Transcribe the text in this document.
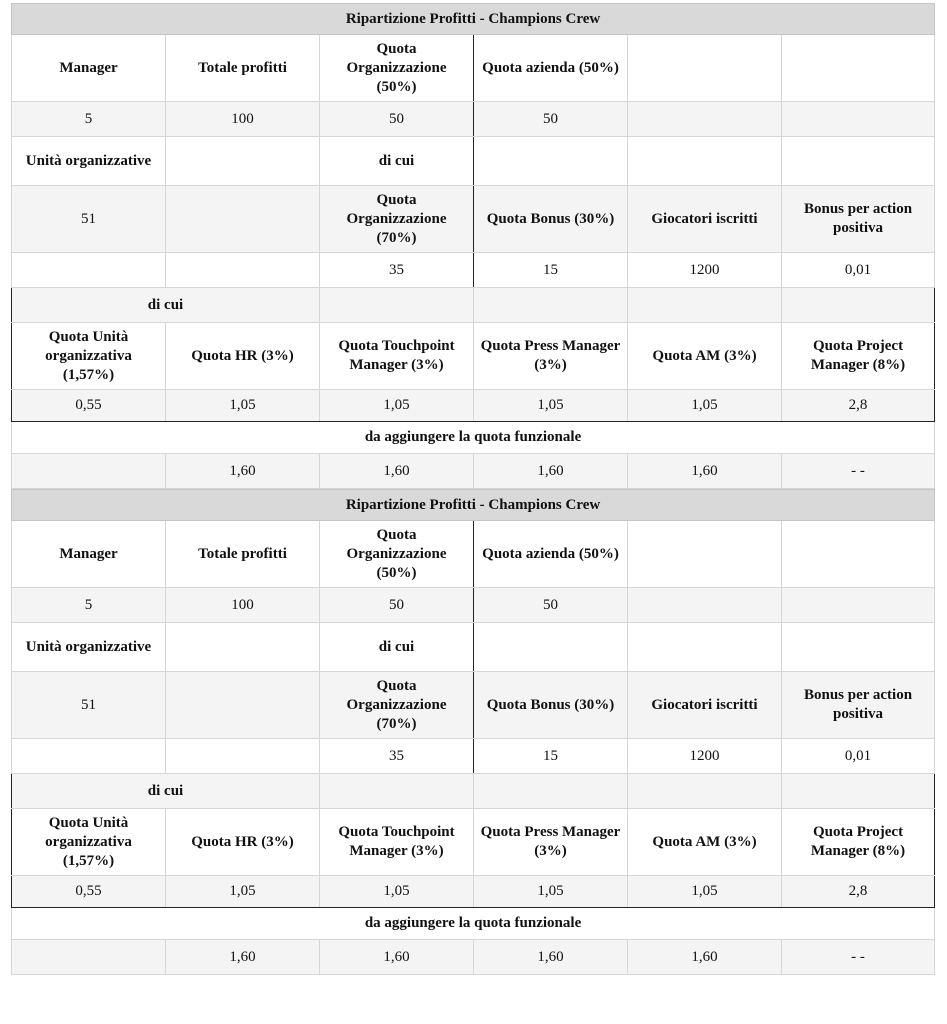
Ripartizione Profitti - Champions Crew					
Manager	Totale profitti	Quota Organizzazione (50%)	Quota azienda (50%)		
5	100	50	50		
Unità organizzative		di cui			
51		Quota Organizzazione (70%)	Quota Bonus (30%)	Giocatori iscritti	Bonus per action positiva
		35	15	1200	0,01
di cui					
Quota Unità organizzativa (1,57%)	Quota HR (3%)	Quota Touchpoint Manager (3%)	Quota Press Manager (3%)	Quota AM (3%)	Quota Project Manager (8%)
0,55	1,05	1,05	1,05	1,05	2,8
da aggiungere la quota funzionale					
	1,60	1,60	1,60	1,60	- -
Ripartizione Profitti - Champions Crew					
Manager	Totale profitti	Quota Organizzazione (50%)	Quota azienda (50%)		
5	100	50	50		
Unità organizzative		di cui			
51		Quota Organizzazione (70%)	Quota Bonus (30%)	Giocatori iscritti	Bonus per action positiva
		35	15	1200	0,01
di cui					
Quota Unità organizzativa (1,57%)	Quota HR (3%)	Quota Touchpoint Manager (3%)	Quota Press Manager (3%)	Quota AM (3%)	Quota Project Manager (8%)
0,55	1,05	1,05	1,05	1,05	2,8
da aggiungere la quota funzionale					
	1,60	1,60	1,60	1,60	- -
